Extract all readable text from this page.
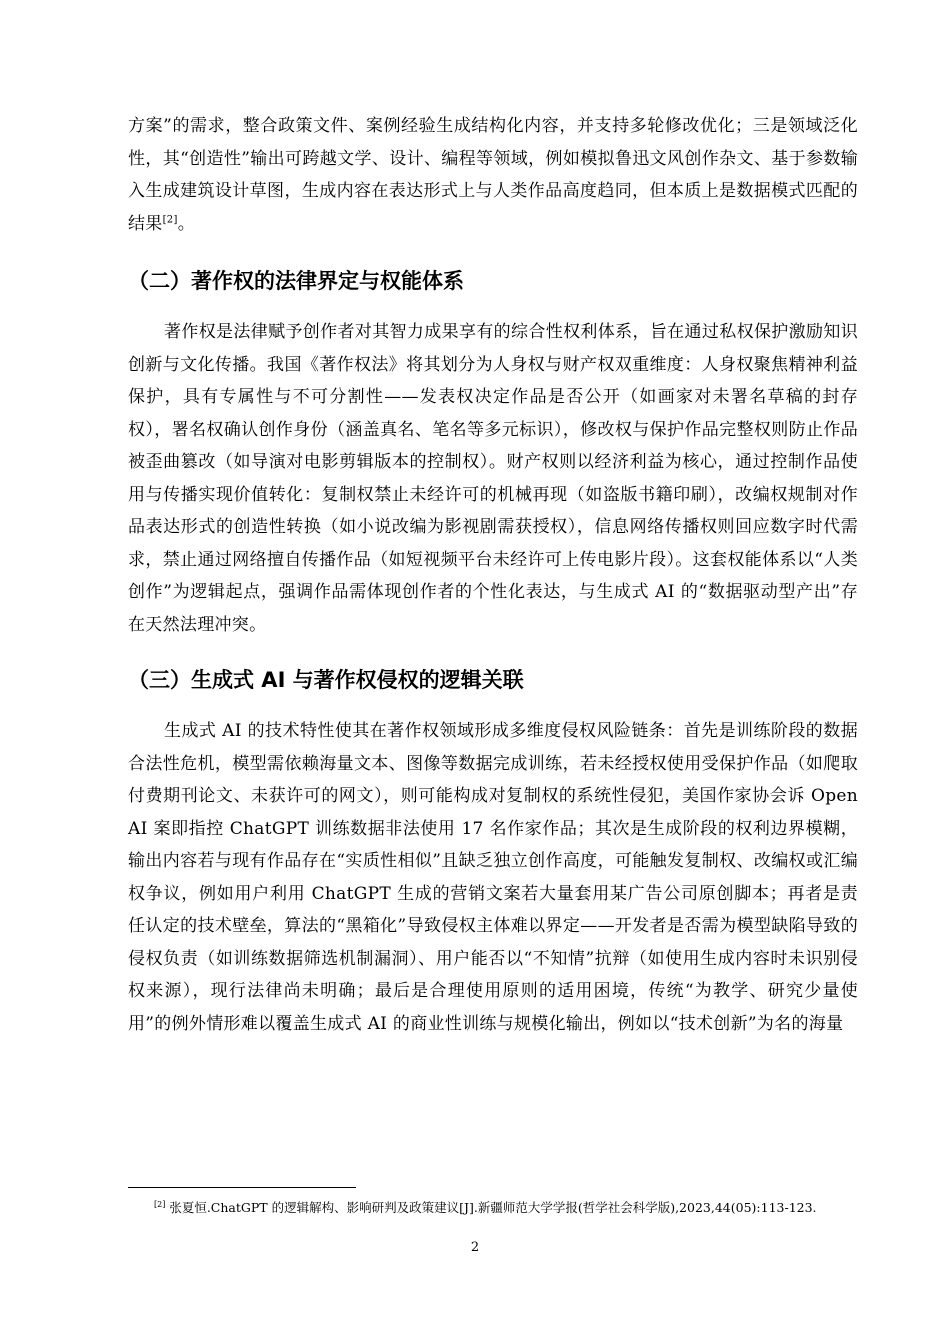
方案”的需求，整合政策文件、案例经验生成结构化内容，并支持多轮修改优化；三是领域泛化性，其“创造性”输出可跨越文学、设计、编程等领域，例如模拟鲁迅文风创作杂文、基于参数输入生成建筑设计草图，生成内容在表达形式上与人类作品高度趋同，但本质上是数据模式匹配的结果[2]。

（二）著作权的法律界定与权能体系

著作权是法律赋予创作者对其智力成果享有的综合性权利体系，旨在通过私权保护激励知识创新与文化传播。我国《著作权法》将其划分为人身权与财产权双重维度：人身权聚焦精神利益保护，具有专属性与不可分割性——发表权决定作品是否公开（如画家对未署名草稿的封存权），署名权确认创作身份（涵盖真名、笔名等多元标识），修改权与保护作品完整权则防止作品被歪曲篡改（如导演对电影剪辑版本的控制权）。财产权则以经济利益为核心，通过控制作品使用与传播实现价值转化：复制权禁止未经许可的机械再现（如盗版书籍印刷），改编权规制对作品表达形式的创造性转换（如小说改编为影视剧需获授权），信息网络传播权则回应数字时代需求，禁止通过网络擅自传播作品（如短视频平台未经许可上传电影片段）。这套权能体系以“人类创作”为逻辑起点，强调作品需体现创作者的个性化表达，与生成式 AI 的“数据驱动型产出”存在天然法理冲突。

（三）生成式 AI 与著作权侵权的逻辑关联

生成式 AI 的技术特性使其在著作权领域形成多维度侵权风险链条：首先是训练阶段的数据合法性危机，模型需依赖海量文本、图像等数据完成训练，若未经授权使用受保护作品（如爬取付费期刊论文、未获许可的网文），则可能构成对复制权的系统性侵犯，美国作家协会诉 OpenAI 案即指控 ChatGPT 训练数据非法使用 17 名作家作品；其次是生成阶段的权利边界模糊，输出内容若与现有作品存在“实质性相似”且缺乏独立创作高度，可能触发复制权、改编权或汇编权争议，例如用户利用 ChatGPT 生成的营销文案若大量套用某广告公司原创脚本；再者是责任认定的技术壁垒，算法的“黑箱化”导致侵权主体难以界定——开发者是否需为模型缺陷导致的侵权负责（如训练数据筛选机制漏洞）、用户能否以“不知情”抗辩（如使用生成内容时未识别侵权来源），现行法律尚未明确；最后是合理使用原则的适用困境，传统“为教学、研究少量使用”的例外情形难以覆盖生成式 AI 的商业性训练与规模化输出，例如以“技术创新”为名的海量

[2] 张夏恒.ChatGPT 的逻辑解构、影响研判及政策建议[J].新疆师范大学学报(哲学社会科学版),2023,44(05):113-123.
2
